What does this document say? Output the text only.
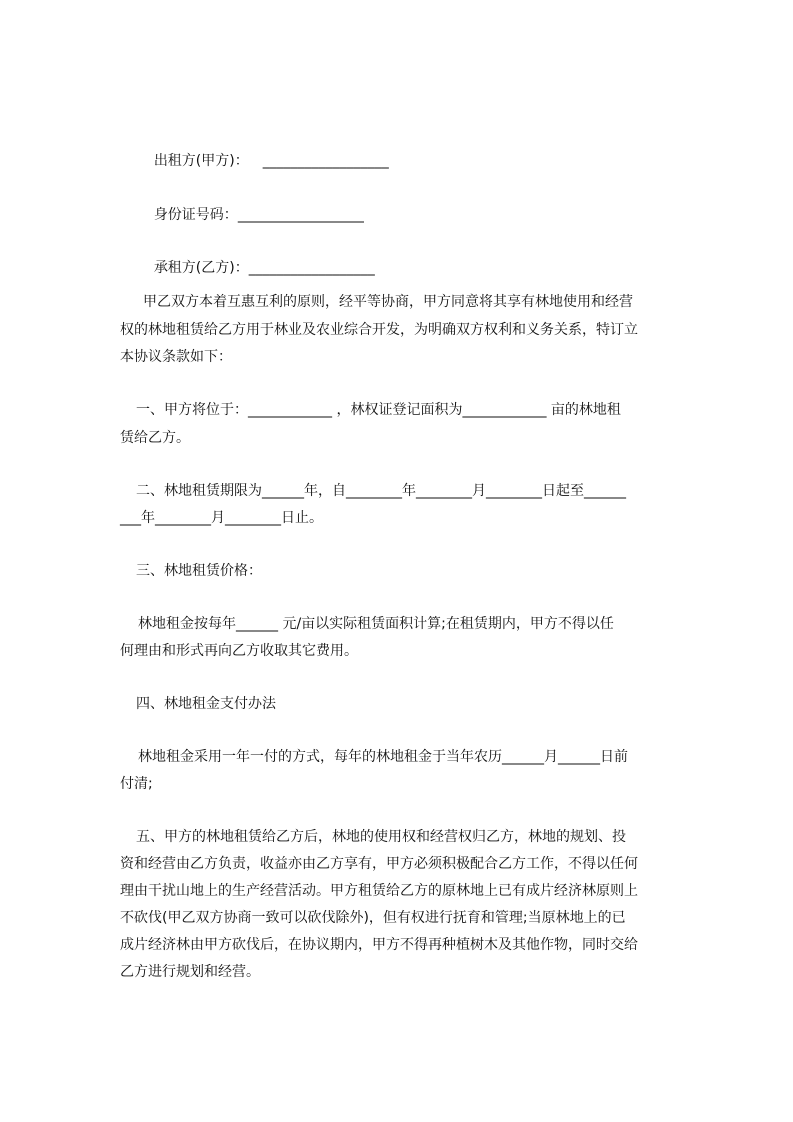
出租方(甲方)： __________________

身份证号码：__________________

承租方(乙方)：__________________

甲乙双方本着互惠互利的原则，经平等协商，甲方同意将其享有林地使用和经营
权的林地租赁给乙方用于林业及农业综合开发，为明确双方权利和义务关系，特订立
本协议条款如下：
一、甲方将位于：____________ ，林权证登记面积为____________ 亩的林地租
赁给乙方。
二、林地租赁期限为______年，自________年________月________日起至______
___年________月________日止。
三、林地租赁价格：
林地租金按每年______ 元/亩以实际租赁面积计算;在租赁期内，甲方不得以任
何理由和形式再向乙方收取其它费用。
四、林地租金支付办法
林地租金采用一年一付的方式，每年的林地租金于当年农历______月______日前
付清;
五、甲方的林地租赁给乙方后，林地的使用权和经营权归乙方，林地的规划、投
资和经营由乙方负责，收益亦由乙方享有，甲方必须积极配合乙方工作，不得以任何
理由干扰山地上的生产经营活动。甲方租赁给乙方的原林地上已有成片经济林原则上
不砍伐(甲乙双方协商一致可以砍伐除外)，但有权进行抚育和管理;当原林地上的已
成片经济林由甲方砍伐后，在协议期内，甲方不得再种植树木及其他作物，同时交给
乙方进行规划和经营。
